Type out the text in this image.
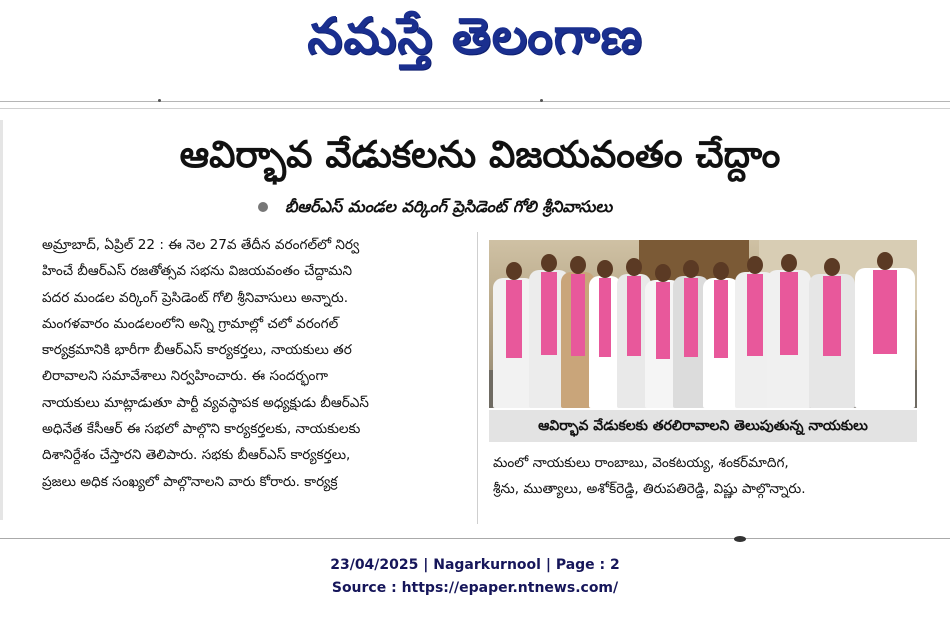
నమస్తే తెలంగాణ
ఆవిర్భావ వేడుకలను విజయవంతం చేద్దాం
బీఆర్ఎస్ మండల వర్కింగ్ ప్రెసిడెంట్ గోలి శ్రీనివాసులు

అమ్రాబాద్, ఏప్రిల్ 22 : ఈ నెల 27వ తేదీన వరంగల్‌లో నిర్వ

హించే బీఆర్ఎస్ రజతోత్సవ సభను విజయవంతం చేద్దామని

పదర మండల వర్కింగ్ ప్రెసిడెంట్ గోలి శ్రీనివాసులు అన్నారు.

మంగళవారం మండలంలోని అన్ని గ్రామాల్లో చలో వరంగల్

కార్యక్రమానికి భారీగా బీఆర్ఎస్ కార్యకర్తలు, నాయకులు తర

లిరావాలని సమావేశాలు నిర్వహించారు. ఈ సందర్భంగా

నాయకులు మాట్లాడుతూ పార్టీ వ్యవస్థాపక అధ్యక్షుడు బీఆర్ఎస్

అధినేత కేసీఆర్ ఈ సభలో పాల్గొని కార్యకర్తలకు, నాయకులకు

దిశానిర్దేశం చేస్తారని తెలిపారు. సభకు బీఆర్ఎస్ కార్యకర్తలు,

ప్రజలు అధిక సంఖ్యలో పాల్గొనాలని వారు కోరారు. కార్యక్ర

ఆవిర్భావ వేడుకలకు తరలిరావాలని తెలుపుతున్న నాయకులు

మంలో నాయకులు రాంబాబు, వెంకటయ్య, శంకర్‌మాదిగ,

శ్రీను, ముత్యాలు, అశోక్‌రెడ్డి, తిరుపతిరెడ్డి, విష్ణు పాల్గొన్నారు.

23/04/2025 | Nagarkurnool | Page : 2
Source : https://epaper.ntnews.com/
